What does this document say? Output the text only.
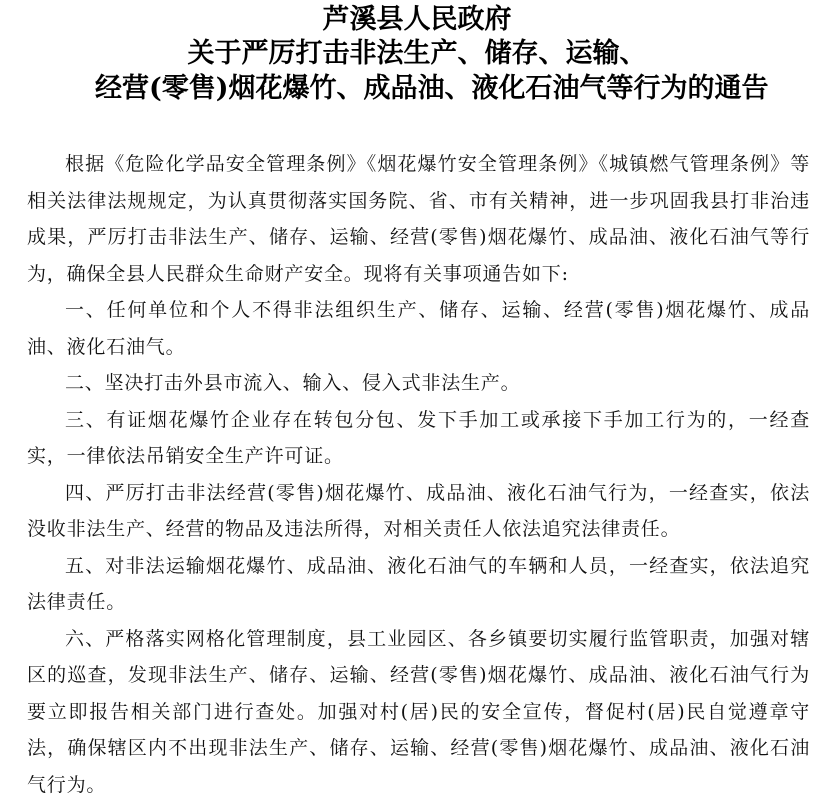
芦溪县人民政府
关于严厉打击非法生产、储存、运输、
经营(零售)烟花爆竹、成品油、液化石油气等行为的通告

根据《危险化学品安全管理条例》《烟花爆竹安全管理条例》《城镇燃气管理条例》等相关法律法规规定，为认真贯彻落实国务院、省、市有关精神，进一步巩固我县打非治违成果，严厉打击非法生产、储存、运输、经营(零售)烟花爆竹、成品油、液化石油气等行为，确保全县人民群众生命财产安全。现将有关事项通告如下:

一、任何单位和个人不得非法组织生产、储存、运输、经营(零售)烟花爆竹、成品油、液化石油气。

二、坚决打击外县市流入、输入、侵入式非法生产。

三、有证烟花爆竹企业存在转包分包、发下手加工或承接下手加工行为的，一经查实，一律依法吊销安全生产许可证。

四、严厉打击非法经营(零售)烟花爆竹、成品油、液化石油气行为，一经查实，依法没收非法生产、经营的物品及违法所得，对相关责任人依法追究法律责任。

五、对非法运输烟花爆竹、成品油、液化石油气的车辆和人员，一经查实，依法追究法律责任。

六、严格落实网格化管理制度，县工业园区、各乡镇要切实履行监管职责，加强对辖区的巡查，发现非法生产、储存、运输、经营(零售)烟花爆竹、成品油、液化石油气行为要立即报告相关部门进行查处。加强对村(居)民的安全宣传，督促村(居)民自觉遵章守法，确保辖区内不出现非法生产、储存、运输、经营(零售)烟花爆竹、成品油、液化石油气行为。
